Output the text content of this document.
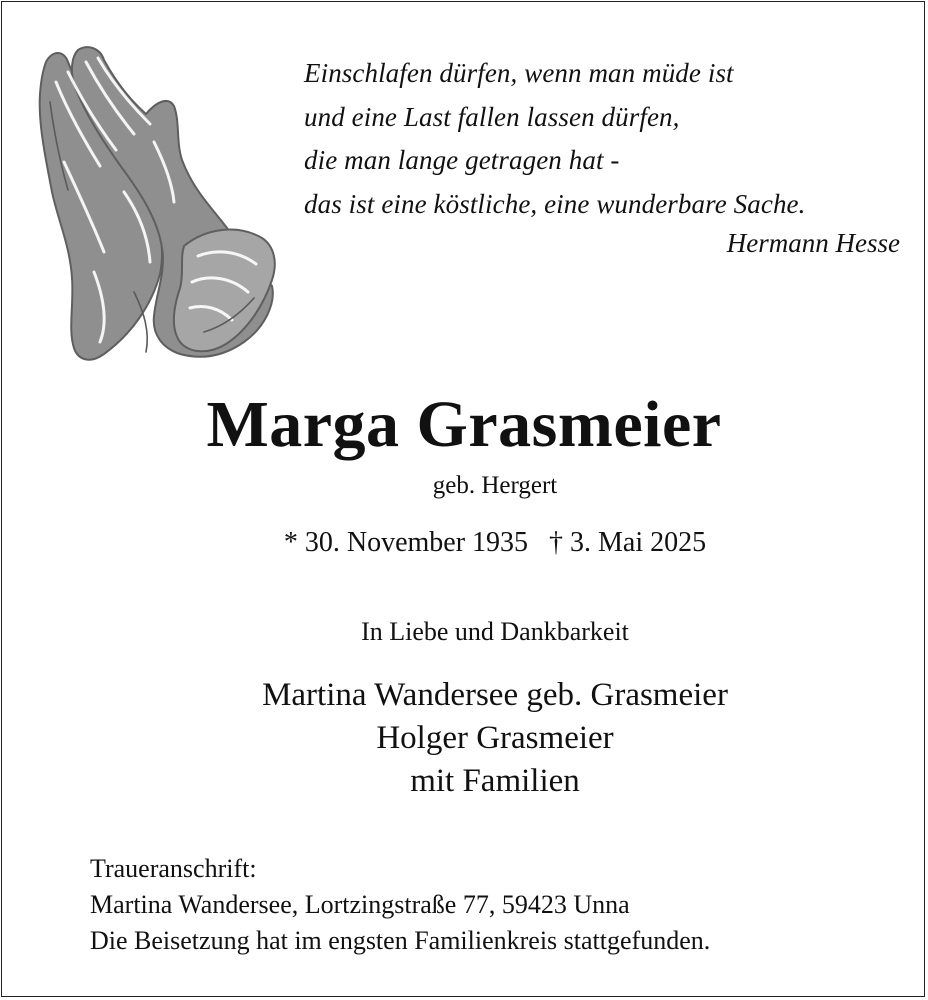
Einschlafen dürfen, wenn man müde ist
und eine Last fallen lassen dürfen,
die man lange getragen hat -
das ist eine köstliche, eine wunderbare Sache.
Hermann Hesse
Marga Grasmeier
geb. Hergert
* 30. November 1935 † 3. Mai 2025
In Liebe und Dankbarkeit
Martina Wandersee geb. Grasmeier
Holger Grasmeier
mit Familien
Traueranschrift:
Martina Wandersee, Lortzingstraße 77, 59423 Unna
Die Beisetzung hat im engsten Familienkreis stattgefunden.
